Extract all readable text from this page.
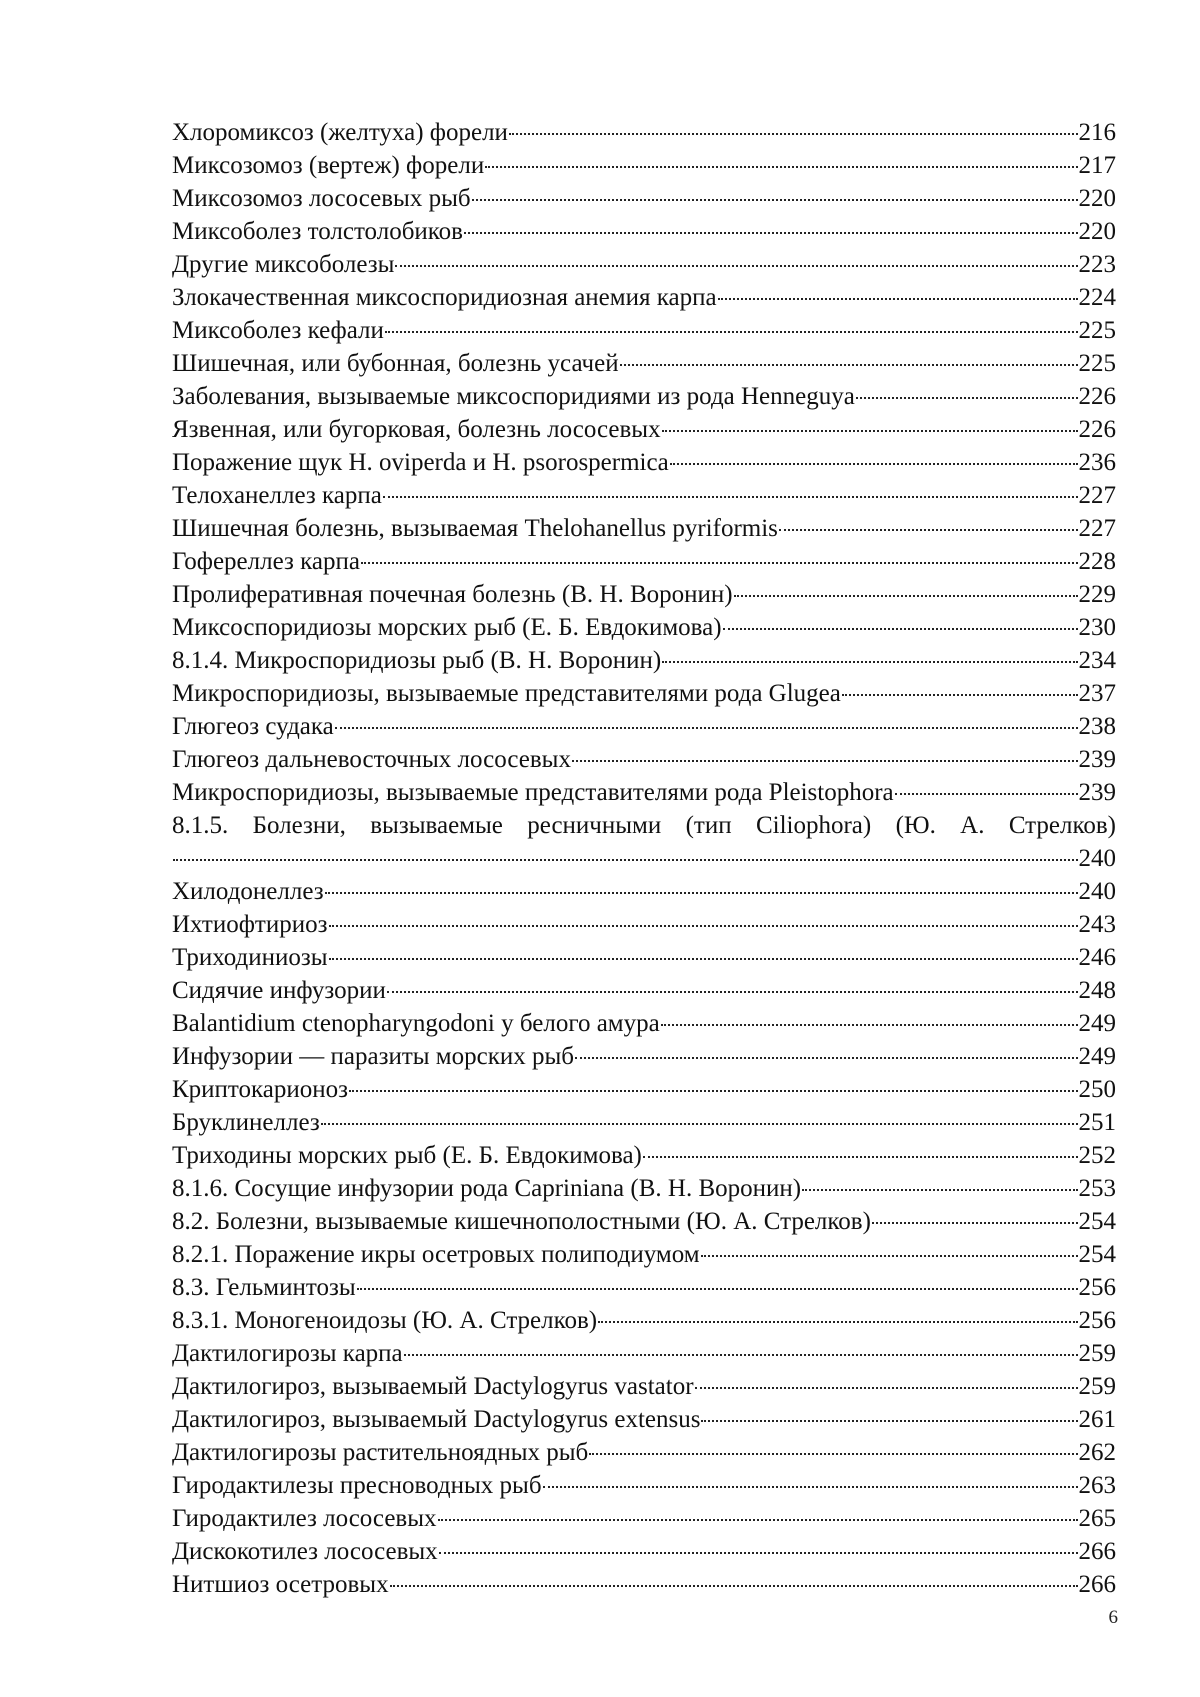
Хлоромиксоз (желтуха) форели	216
Миксозомоз (вертеж) форели	217
Миксозомоз лососевых рыб	220
Миксоболез толстолобиков	220
Другие миксоболезы	223
Злокачественная миксоспоридиозная анемия карпа	224
Миксоболез кефали	225
Шишечная, или бубонная, болезнь усачей	225
Заболевания, вызываемые миксоспоридиями из рода Henneguya	226
Язвенная, или бугорковая, болезнь лососевых	226
Поражение щук H. oviperda и H. psorospermica	236
Телоханеллез карпа	227
Шишечная болезнь, вызываемая Thelohanellus pyriformis	227
Гофереллез карпа	228
Пролиферативная почечная болезнь (В. Н. Воронин)	229
Миксоспоридиозы морских рыб (Е. Б. Евдокимова)	230
8.1.4. Микроспоридиозы рыб (В. Н. Воронин)	234
Микроспоридиозы, вызываемые представителями рода Glugea	237
Глюгеоз судака	238
Глюгеоз дальневосточных лососевых	239
Микроспоридиозы, вызываемые представителями рода Pleistophora	239
8.1.5. Болезни, вызываемые ресничными (тип Ciliophora) (Ю. А. Стрелков)
240
Хилодонеллез	240
Ихтиофтириоз	243
Триходиниозы	246
Сидячие инфузории	248
Balantidium ctenopharyngodoni у белого амура	249
Инфузории — паразиты морских рыб	249
Криптокарионоз	250
Бруклинеллез	251
Триходины морских рыб (Е. Б. Евдокимова)	252
8.1.6. Сосущие инфузории рода Capriniana (В. Н. Воронин)	253
8.2. Болезни, вызываемые кишечнополостными (Ю. А. Стрелков)	254
8.2.1. Поражение икры осетровых полиподиумом	254
8.3. Гельминтозы	256
8.3.1. Моногеноидозы (Ю. А. Стрелков)	256
Дактилогирозы карпа	259
Дактилогироз, вызываемый Dactylogyrus vastator	259
Дактилогироз, вызываемый Dactylogyrus extensus	261
Дактилогирозы растительноядных рыб	262
Гиродактилезы пресноводных рыб	263
Гиродактилез лососевых	265
Дискокотилез лососевых	266
Нитшиоз осетровых	266
6
